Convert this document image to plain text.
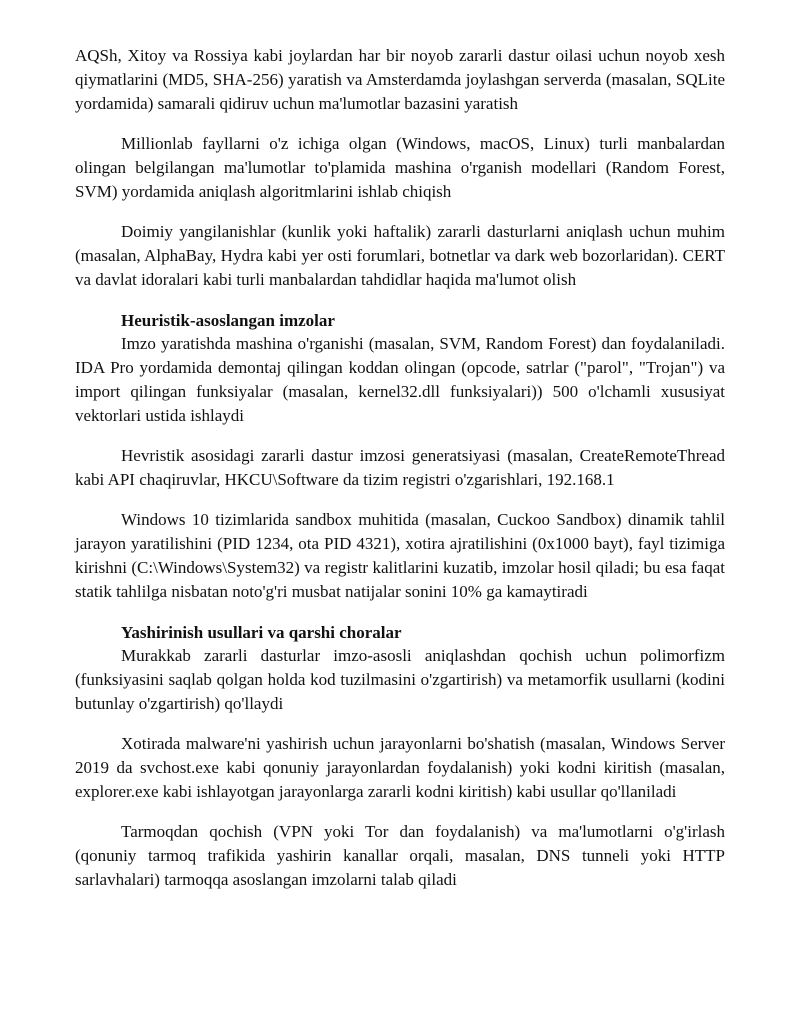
AQSh, Xitoy va Rossiya kabi joylardan har bir noyob zararli dastur oilasi uchun noyob xesh qiymatlarini (MD5, SHA-256) yaratish va Amsterdamda joylashgan serverda (masalan, SQLite yordamida) samarali qidiruv uchun ma'lumotlar bazasini yaratish

Millionlab fayllarni o'z ichiga olgan (Windows, macOS, Linux) turli manbalardan olingan belgilangan ma'lumotlar to'plamida mashina o'rganish modellari (Random Forest, SVM) yordamida aniqlash algoritmlarini ishlab chiqish

Doimiy yangilanishlar (kunlik yoki haftalik) zararli dasturlarni aniqlash uchun muhim (masalan, AlphaBay, Hydra kabi yer osti forumlari, botnetlar va dark web bozorlaridan). CERT va davlat idoralari kabi turli manbalardan tahdidlar haqida ma'lumot olish

Heuristik-asoslangan imzolar

Imzo yaratishda mashina o'rganishi (masalan, SVM, Random Forest) dan foydalaniladi. IDA Pro yordamida demontaj qilingan koddan olingan (opcode, satrlar ("parol", "Trojan") va import qilingan funksiyalar (masalan, kernel32.dll funksiyalari)) 500 o'lchamli xususiyat vektorlari ustida ishlaydi

Hevristik asosidagi zararli dastur imzosi generatsiyasi (masalan, CreateRemoteThread kabi API chaqiruvlar, HKCU\Software da tizim registri o'zgarishlari, 192.168.1

Windows 10 tizimlarida sandbox muhitida (masalan, Cuckoo Sandbox) dinamik tahlil jarayon yaratilishini (PID 1234, ota PID 4321), xotira ajratilishini (0x1000 bayt), fayl tizimiga kirishni (C:\Windows\System32) va registr kalitlarini kuzatib, imzolar hosil qiladi; bu esa faqat statik tahlilga nisbatan noto'g'ri musbat natijalar sonini 10% ga kamaytiradi

Yashirinish usullari va qarshi choralar

Murakkab zararli dasturlar imzo-asosli aniqlashdan qochish uchun polimorfizm (funksiyasini saqlab qolgan holda kod tuzilmasini o'zgartirish) va metamorfik usullarni (kodini butunlay o'zgartirish) qo'llaydi

Xotirada malware'ni yashirish uchun jarayonlarni bo'shatish (masalan, Windows Server 2019 da svchost.exe kabi qonuniy jarayonlardan foydalanish) yoki kodni kiritish (masalan, explorer.exe kabi ishlayotgan jarayonlarga zararli kodni kiritish) kabi usullar qo'llaniladi

Tarmoqdan qochish (VPN yoki Tor dan foydalanish) va ma'lumotlarni o'g'irlash (qonuniy tarmoq trafikida yashirin kanallar orqali, masalan, DNS tunneli yoki HTTP sarlavhalari) tarmoqqa asoslangan imzolarni talab qiladi
